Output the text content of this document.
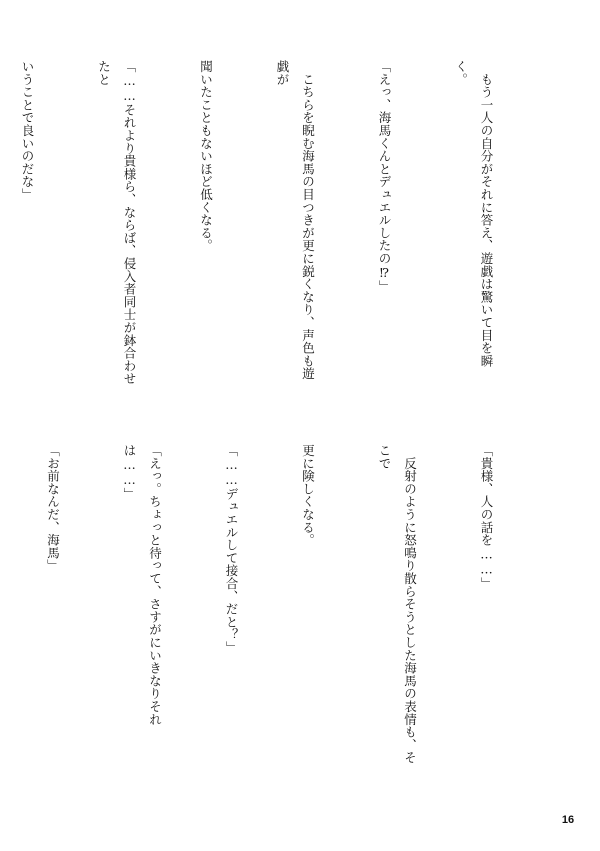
　もう一人の自分がそれに答え、遊戯は驚いて目を瞬く。

「えっ、海馬くんとデュエルしたの⁉」

　こちらを睨む海馬の目つきが更に鋭くなり、声色も遊戯が

聞いたこともないほど低くなる。

「……それより貴様ら、ならば、侵入者同士が鉢合わせたと

いうことで良いのだな」

「貴様、人の話を……」

　反射のように怒鳴り散らそうとした海馬の表情も、そこで

更に険しくなる。

「……デュエルして接合、だと？」

「えっ。ちょっと待って、さすがにいきなりそれは……」

「お前なんだ、海馬」

16
